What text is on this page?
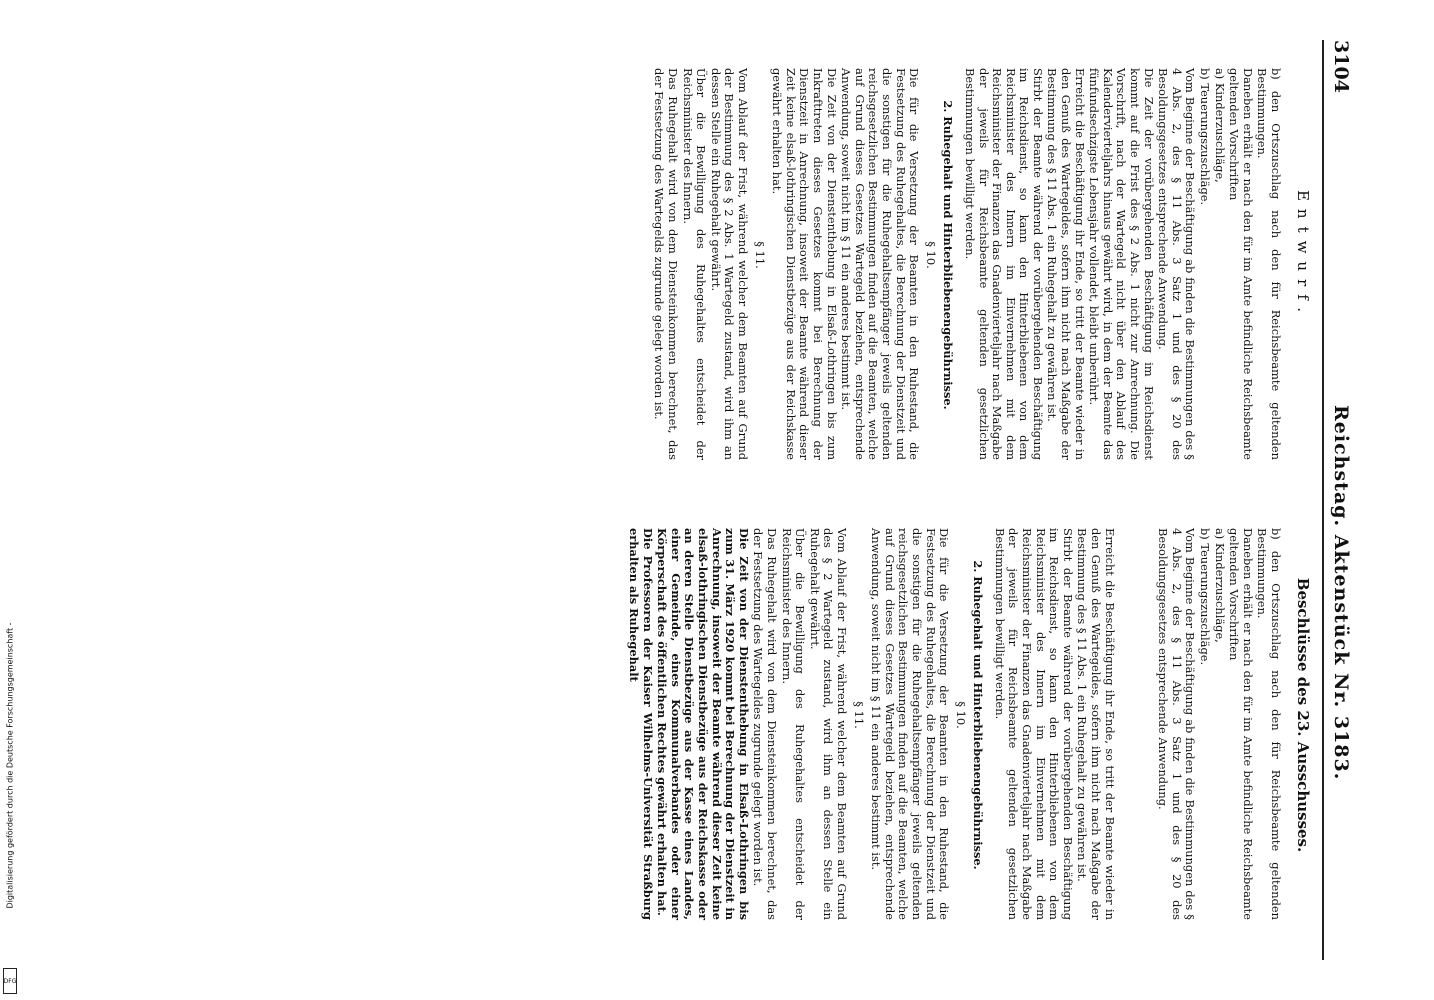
Digitalisierung gefördert durch die Deutsche Forschungsgemeinschaft -
DFG
3104
Reichstag. Aktenstück Nr. 3183.
Entwurf.

b) den Ortszuschlag nach den für Reichsbeamte geltenden Bestimmungen.

Daneben erhält er nach den für im Amte befindliche Reichsbeamte geltenden Vorschriften

a) Kinderzuschläge,

b) Teuerungszuschläge.

Vom Beginne der Beschäftigung ab finden die Bestimmungen des § 4 Abs. 2, des § 11 Abs. 3 Satz 1 und des § 20 des Besoldungsgesetzes entsprechende Anwendung.

Die Zeit der vorübergehenden Beschäftigung im Reichsdienst kommt auf die Frist des § 2 Abs. 1 nicht zur Anrechnung. Die Vorschrift, nach der Wartegeld nicht über den Ablauf des Kalendervierteljahrs hinaus gewährt wird, in dem der Beamte das fünfundsechzigste Lebensjahr vollendet, bleibt unberührt.

Erreicht die Beschäftigung ihr Ende, so tritt der Beamte wieder in den Genuß des Wartegeldes, sofern ihm nicht nach Maßgabe der Bestimmung des § 11 Abs. 1 ein Ruhegehalt zu gewähren ist.

Stirbt der Beamte während der vorübergehenden Beschäftigung im Reichsdienst, so kann den Hinterbliebenen von dem Reichsminister des Innern im Einvernehmen mit dem Reichsminister der Finanzen das Gnadenvierteljahr nach Maßgabe der jeweils für Reichsbeamte geltenden gesetzlichen Bestimmungen bewilligt werden.

2. Ruhegehalt und Hinterbliebenengebührnisse.

§ 10.

Die für die Versetzung der Beamten in den Ruhestand, die Festsetzung des Ruhegehaltes, die Berechnung der Dienstzeit und die sonstigen für die Ruhegehaltsempfänger jeweils geltenden reichsgesetzlichen Bestimmungen finden auf die Beamten, welche auf Grund dieses Gesetzes Wartegeld beziehen, entsprechende Anwendung, soweit nicht im § 11 ein anderes bestimmt ist.

Die Zeit von der Dienstenthebung in Elsaß-Lothringen bis zum Inkrafttreten dieses Gesetzes kommt bei Berechnung der Dienstzeit in Anrechnung, insoweit der Beamte während dieser Zeit keine elsaß-lothringischen Dienstbezüge aus der Reichskasse gewährt erhalten hat.

§ 11.

Vom Ablauf der Frist, während welcher dem Beamten auf Grund der Bestimmung des § 2 Abs. 1 Wartegeld zustand, wird ihm an dessen Stelle ein Ruhegehalt gewährt.

Über die Bewilligung des Ruhegehaltes entscheidet der Reichsminister des Innern.

Das Ruhegehalt wird von dem Diensteinkommen berechnet, das der Festsetzung des Wartegelds zugrunde gelegt worden ist.

Beschlüsse des 23. Ausschusses.

b) den Ortszuschlag nach den für Reichsbeamte geltenden Bestimmungen.

Daneben erhält er nach den für im Amte befindliche Reichsbeamte geltenden Vorschriften

a) Kinderzuschläge,

b) Teuerungszuschläge.

Vom Beginne der Beschäftigung ab finden die Bestimmungen des § 4 Abs. 2, des § 11 Abs. 3 Satz 1 und des § 20 des Besoldungsgesetzes entsprechende Anwendung.

Erreicht die Beschäftigung ihr Ende, so tritt der Beamte wieder in den Genuß des Wartegeldes, sofern ihm nicht nach Maßgabe der Bestimmung des § 11 Abs. 1 ein Ruhegehalt zu gewähren ist.

Stirbt der Beamte während der vorübergehenden Beschäftigung im Reichsdienst, so kann den Hinterbliebenen von dem Reichsminister des Innern im Einvernehmen mit dem Reichsminister der Finanzen das Gnadenvierteljahr nach Maßgabe der jeweils für Reichsbeamte geltenden gesetzlichen Bestimmungen bewilligt werden.

2. Ruhegehalt und Hinterbliebenengebührnisse.

§ 10.

Die für die Versetzung der Beamten in den Ruhestand, die Festsetzung des Ruhegehaltes, die Berechnung der Dienstzeit und die sonstigen für die Ruhegehaltsempfänger jeweils geltenden reichsgesetzlichen Bestimmungen finden auf die Beamten, welche auf Grund dieses Gesetzes Wartegeld beziehen, entsprechende Anwendung, soweit nicht im § 11 ein anderes bestimmt ist.

§ 11.

Vom Ablauf der Frist, während welcher dem Beamten auf Grund des § 2 Wartegeld zustand, wird ihm an dessen Stelle ein Ruhegehalt gewährt.

Über die Bewilligung des Ruhegehaltes entscheidet der Reichsminister des Innern.

Das Ruhegehalt wird von dem Diensteinkommen berechnet, das der Festsetzung des Wartegeldes zugrunde gelegt worden ist.

Die Zeit von der Dienstenthebung in Elsaß-Lothringen bis zum 31. März 1920 kommt bei Berechnung der Dienstzeit in Anrechnung, insoweit der Beamte während dieser Zeit keine elsaß-lothringischen Dienstbezüge aus der Reichskasse oder an deren Stelle Dienstbezüge aus der Kasse eines Landes, einer Gemeinde, eines Kommunalverbandes oder einer Körperschaft des öffentlichen Rechtes gewährt erhalten hat.

Die Professoren der Kaiser Wilhelms-Universität Straßburg erhalten als Ruhegehalt
